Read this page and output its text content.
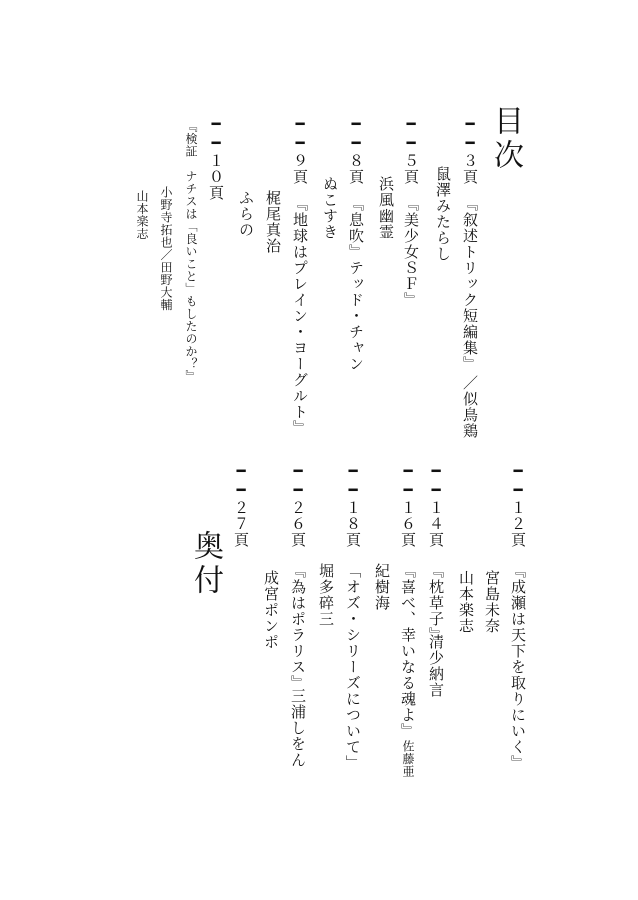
目次
━━３頁
『叙述トリック短編集』
／似鳥鶏
鼠澤みたらし
━━５頁
『美少女ＳＦ』
浜風幽霊
━━８頁
『息吹』
テッド・チャン
ぬこすき
━━９頁
『地球はプレイン・ヨーグルト』
梶尾真治
ふらの
━━１０頁
『検証　ナチスは「良いこと」もしたのか？』
小野寺拓也／田野大輔
山本楽志
━━１２頁
『成瀬は天下を取りにいく』
宮島未奈
山本楽志
━━１４頁
『枕草子』
清少納言
━━１６頁
『喜べ、幸いなる魂よ』
佐藤亜
紀樹海
━━１８頁
「オズ・シリーズについて」
堀多碎三
━━２６頁
『為はポラリス』
三浦しをん
成宮ポンポ
━━２７頁
奥付
